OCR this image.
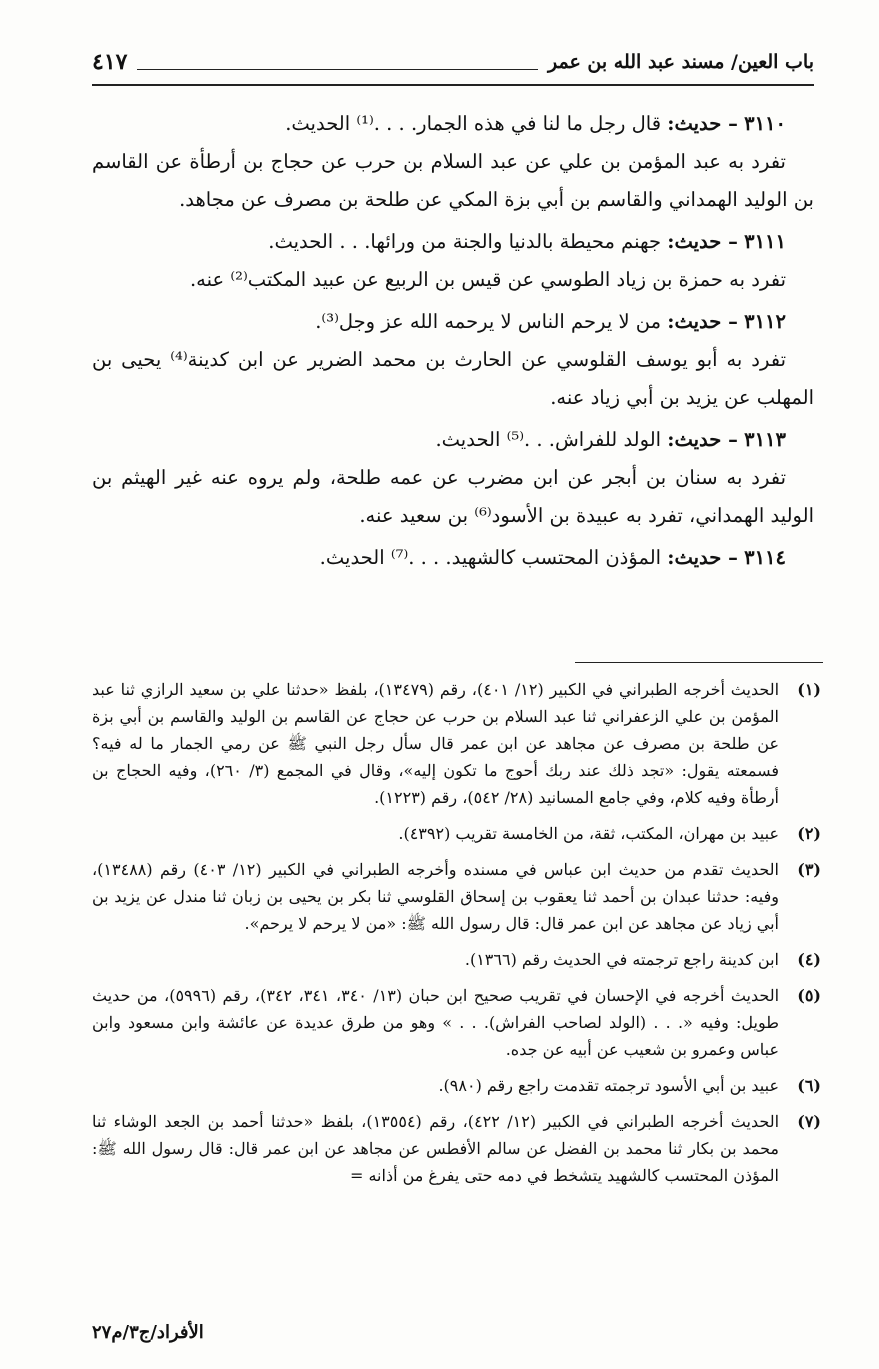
باب العين/ مسند عبد الله بن عمر
٤١٧

٣١١٠ – حديث: قال رجل ما لنا في هذه الجمار. . . .⁽¹⁾ الحديث.

تفرد به عبد المؤمن بن علي عن عبد السلام بن حرب عن حجاج بن أرطأة عن القاسم بن الوليد الهمداني والقاسم بن أبي بزة المكي عن طلحة بن مصرف عن مجاهد.

٣١١١ – حديث: جهنم محيطة بالدنيا والجنة من ورائها. . . الحديث.

تفرد به حمزة بن زياد الطوسي عن قيس بن الربيع عن عبيد المكتب⁽²⁾ عنه.

٣١١٢ – حديث: من لا يرحم الناس لا يرحمه الله عز وجل⁽³⁾.

تفرد به أبو يوسف القلوسي عن الحارث بن محمد الضرير عن ابن كدينة⁽⁴⁾ يحيى بن المهلب عن يزيد بن أبي زياد عنه.

٣١١٣ – حديث: الولد للفراش. . .⁽⁵⁾ الحديث.

تفرد به سنان بن أبجر عن ابن مضرب عن عمه طلحة، ولم يروه عنه غير الهيثم بن الوليد الهمداني، تفرد به عبيدة بن الأسود⁽⁶⁾ بن سعيد عنه.

٣١١٤ – حديث: المؤذن المحتسب كالشهيد. . . .⁽⁷⁾ الحديث.

(١)
الحديث أخرجه الطبراني في الكبير (١٢/ ٤٠١)، رقم (١٣٤٧٩)، بلفظ «حدثنا علي بن سعيد الرازي ثنا عبد المؤمن بن علي الزعفراني ثنا عبد السلام بن حرب عن حجاج عن القاسم بن الوليد والقاسم بن أبي بزة عن طلحة بن مصرف عن مجاهد عن ابن عمر قال سأل رجل النبي ﷺ عن رمي الجمار ما له فيه؟ فسمعته يقول: «تجد ذلك عند ربك أحوج ما تكون إليه»، وقال في المجمع (٣/ ٢٦٠)، وفيه الحجاج بن أرطأة وفيه كلام، وفي جامع المسانيد (٢٨/ ٥٤٢)، رقم (١٢٢٣).
(٢)
عبيد بن مهران، المكتب، ثقة، من الخامسة تقريب (٤٣٩٢).
(٣)
الحديث تقدم من حديث ابن عباس في مسنده وأخرجه الطبراني في الكبير (١٢/ ٤٠٣) رقم (١٣٤٨٨)، وفيه: حدثنا عبدان بن أحمد ثنا يعقوب بن إسحاق القلوسي ثنا بكر بن يحيى بن زبان ثنا مندل عن يزيد بن أبي زياد عن مجاهد عن ابن عمر قال: قال رسول الله ﷺ: «من لا يرحم لا يرحم».
(٤)
ابن كدينة راجع ترجمته في الحديث رقم (١٣٦٦).
(٥)
الحديث أخرجه في الإحسان في تقريب صحيح ابن حبان (١٣/ ٣٤٠، ٣٤١، ٣٤٢)، رقم (٥٩٩٦)، من حديث طويل: وفيه «. . . (الولد لصاحب الفراش). . . » وهو من طرق عديدة عن عائشة وابن مسعود وابن عباس وعمرو بن شعيب عن أبيه عن جده.
(٦)
عبيد بن أبي الأسود ترجمته تقدمت راجع رقم (٩٨٠).
(٧)
الحديث أخرجه الطبراني في الكبير (١٢/ ٤٢٢)، رقم (١٣٥٥٤)، بلفظ «حدثنا أحمد بن الجعد الوشاء ثنا محمد بن بكار ثنا محمد بن الفضل عن سالم الأفطس عن مجاهد عن ابن عمر قال: قال رسول الله ﷺ: المؤذن المحتسب كالشهيد يتشخط في دمه حتى يفرغ من أذانه =
الأفراد/ج٣/م٢٧
